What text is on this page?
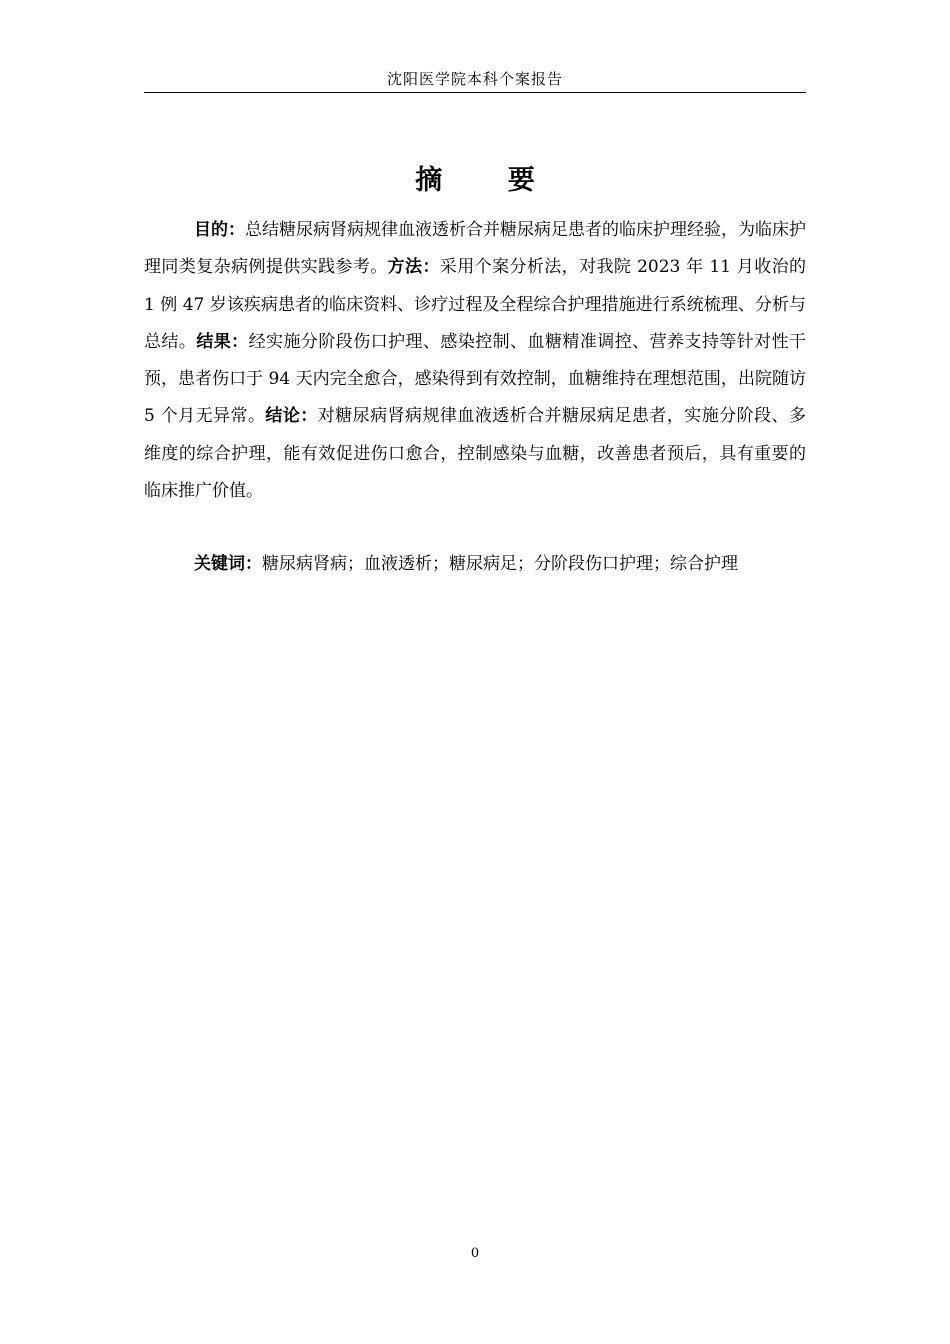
沈阳医学院本科个案报告
摘 要

目的：总结糖尿病肾病规律血液透析合并糖尿病足患者的临床护理经验，为临床护理同类复杂病例提供实践参考。方法：采用个案分析法，对我院 2023 年 11 月收治的 1 例 47 岁该疾病患者的临床资料、诊疗过程及全程综合护理措施进行系统梳理、分析与总结。结果：经实施分阶段伤口护理、感染控制、血糖精准调控、营养支持等针对性干预，患者伤口于 94 天内完全愈合，感染得到有效控制，血糖维持在理想范围，出院随访 5 个月无异常。结论：对糖尿病肾病规律血液透析合并糖尿病足患者，实施分阶段、多维度的综合护理，能有效促进伤口愈合，控制感染与血糖，改善患者预后，具有重要的临床推广价值。

关键词：糖尿病肾病；血液透析；糖尿病足；分阶段伤口护理；综合护理

0
